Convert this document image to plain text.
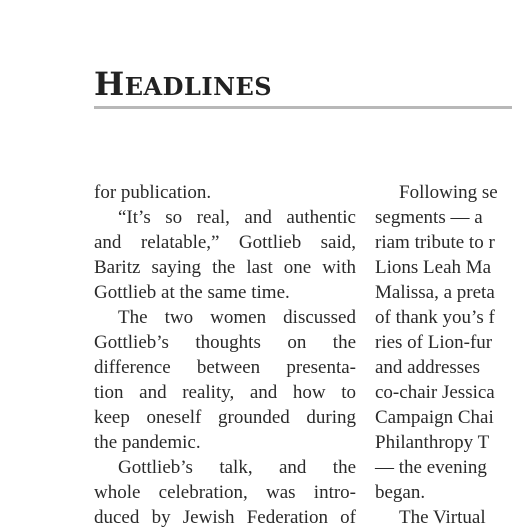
HEADLINES
for publication.
“It’s so real, and authentic
and relatable,” Gottlieb said,
Baritz saying the last one with
Gottlieb at the same time.
The two women discussed
Gottlieb’s thoughts on the
difference between presenta-
tion and reality, and how to
keep oneself grounded during
the pandemic.
Gottlieb’s talk, and the
whole celebration, was intro-
duced by Jewish Federation of
Following se
segments — a
riam tribute to r
Lions Leah Ma
Malissa, a preta
of thank you’s f
ries of Lion-fur
and addresses
co-chair Jessica
Campaign Chai
Philanthropy T
— the evening
began.
The Virtual
